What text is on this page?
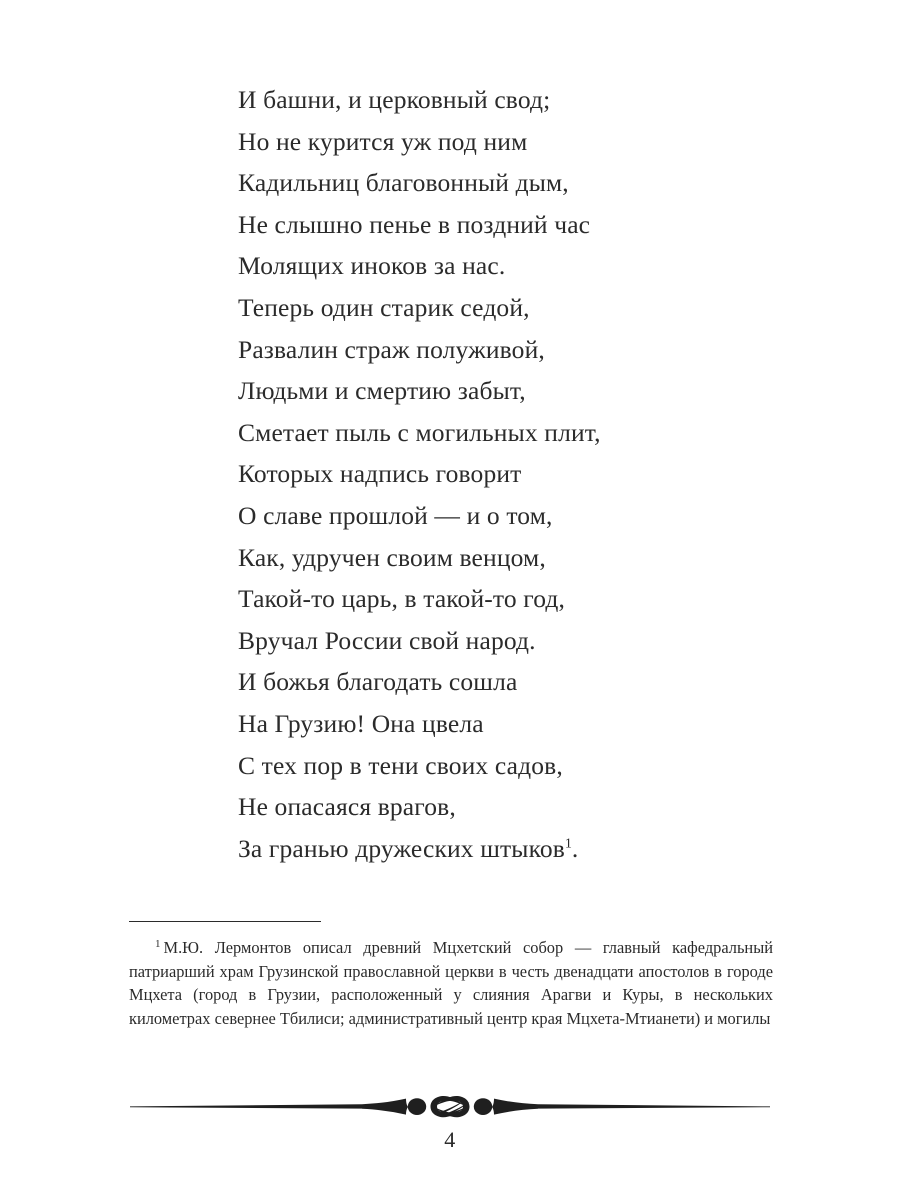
И башни, и церковный свод;
Но не курится уж под ним
Кадильниц благовонный дым,
Не слышно пенье в поздний час
Молящих иноков за нас.
Теперь один старик седой,
Развалин страж полуживой,
Людьми и смертию забыт,
Сметает пыль с могильных плит,
Которых надпись говорит
О славе прошлой — и о том,
Как, удручен своим венцом,
Такой-то царь, в такой-то год,
Вручал России свой народ.
И божья благодать сошла
На Грузию! Она цвела
С тех пор в тени своих садов,
Не опасаяся врагов,
За гранью дружеских штыков$^1$.
$^1$ М.Ю. Лермонтов описал древний Мцхетский собор — главный кафедральный патриарший храм Грузинской православной церкви в честь двенадцати апостолов в городе Мцхета (город в Грузии, расположенный у слияния Арагви и Куры, в нескольких километрах севернее Тбилиси; административный центр края Мцхета-Мтианети) и могилы
4
